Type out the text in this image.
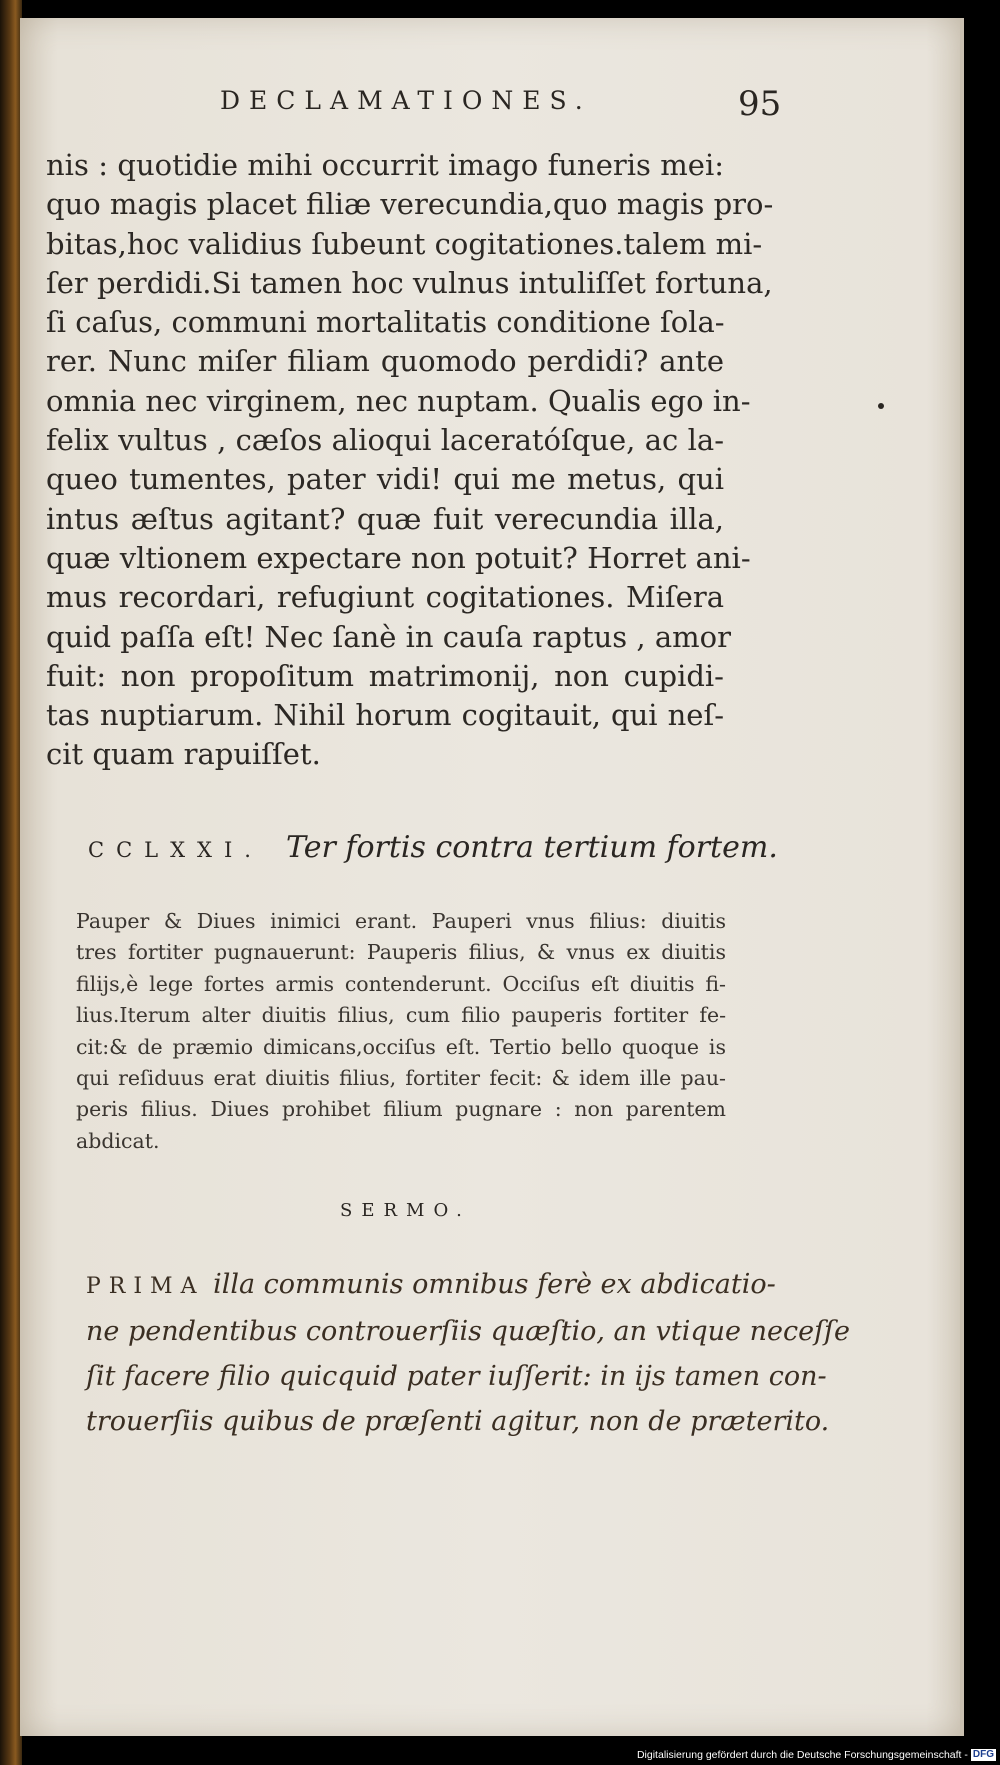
DECLAMATIONES.	95
nis : quotidie mihi occurrit imago funeris mei:
quo magis placet filiæ verecundia,quo magis pro-
bitas,hoc validius ſubeunt cogitationes.talem mi-
ſer perdidi.Si tamen hoc vulnus intuliſſet fortuna,
ſi caſus, communi mortalitatis conditione ſola-
rer. Nunc miſer filiam quomodo perdidi? ante
omnia nec virginem, nec nuptam. Qualis ego in-
felix vultus , cæſos alioqui laceratóſque, ac la-
queo tumentes, pater vidi! qui me metus, qui
intus æſtus agitant? quæ fuit verecundia illa,
quæ vltionem expectare non potuit? Horret ani-
mus recordari, refugiunt cogitationes. Miſera
quid paſſa eſt! Nec ſanè in cauſa raptus , amor
fuit: non propoſitum matrimonij, non cupidi-
tas nuptiarum. Nihil horum cogitauit, qui neſ-
cit quam rapuiſſet.
CCLXXI. Ter fortis contra tertium fortem.
Pauper & Diues inimici erant. Pauperi vnus filius: diuitis
tres fortiter pugnauerunt: Pauperis filius, & vnus ex diuitis
filijs,è lege fortes armis contenderunt. Occiſus eſt diuitis fi-
lius.Iterum alter diuitis filius, cum filio pauperis fortiter fe-
cit:& de præmio dimicans,occiſus eſt. Tertio bello quoque is
qui reſiduus erat diuitis filius, fortiter fecit: & idem ille pau-
peris filius. Diues prohibet filium pugnare : non parentem
abdicat.
SERMO.
PRIMA illa communis omnibus ferè ex abdicatio-
ne pendentibus controuerſiis quæſtio, an vtique neceſſe
ſit facere filio quicquid pater iuſſerit: in ijs tamen con-
trouerſiis quibus de præſenti agitur, non de præterito.
Digitalisierung gefördert durch die Deutsche Forschungsgemeinschaft - DFG
